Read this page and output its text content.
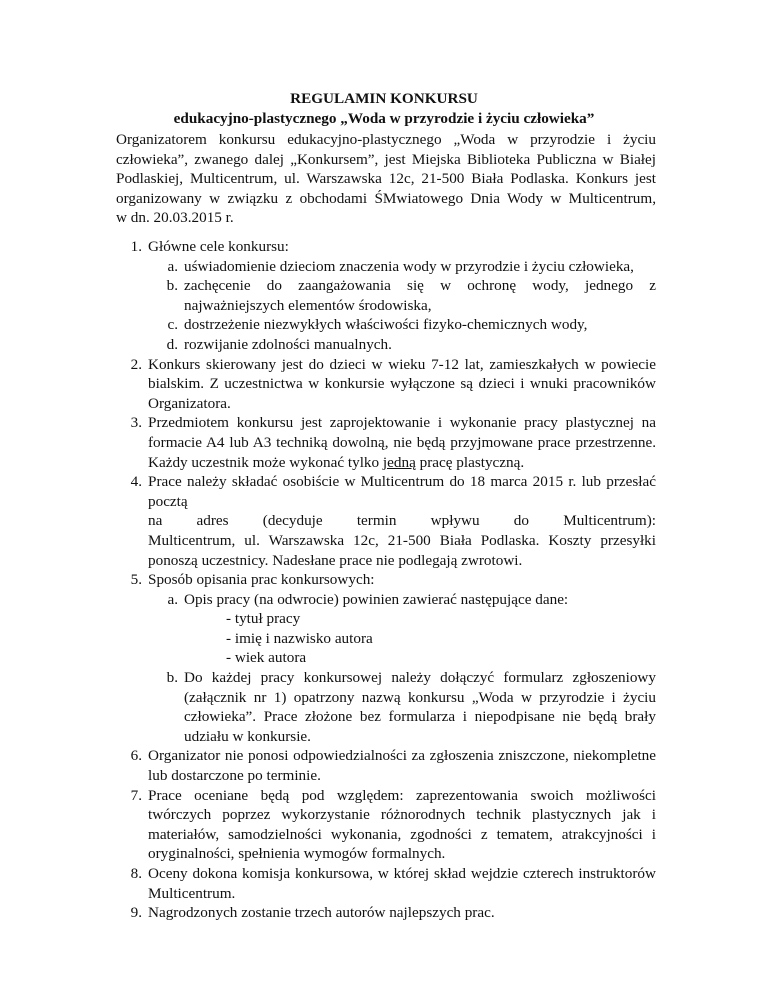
REGULAMIN KONKURSU
edukacyjno-plastycznego „Woda w przyrodzie i życiu człowieka”
Organizatorem konkursu edukacyjno-plastycznego „Woda w przyrodzie i życiu człowieka”, zwanego dalej „Konkursem”, jest Miejska Biblioteka Publiczna w Białej Podlaskiej, Multicentrum, ul. Warszawska 12c, 21-500 Biała Podlaska. Konkurs jest organizowany w związku z obchodami ŚMwiatowego Dnia Wody w Multicentrum,
w dn. 20.03.2015 r.
1. Główne cele konkursu:
a. uświadomienie dzieciom znaczenia wody w przyrodzie i życiu człowieka,
b. zachęcenie do zaangażowania się w ochronę wody, jednego z najważniejszych elementów środowiska,
c. dostrzeżenie niezwykłych właściwości fizyko-chemicznych wody,
d. rozwijanie zdolności manualnych.
2. Konkurs skierowany jest do dzieci w wieku 7-12 lat, zamieszkałych w powiecie bialskim. Z uczestnictwa w konkursie wyłączone są dzieci i wnuki pracowników Organizatora.
3. Przedmiotem konkursu jest zaprojektowanie i wykonanie pracy plastycznej na formacie A4 lub A3 techniką dowolną, nie będą przyjmowane prace przestrzenne. Każdy uczestnik może wykonać tylko jedną pracę plastyczną.
4. Prace należy składać osobiście w Multicentrum do 18 marca 2015 r. lub przesłać pocztą
na adres (decyduje termin wpływu do Multicentrum):
Multicentrum, ul. Warszawska 12c, 21-500 Biała Podlaska. Koszty przesyłki ponoszą uczestnicy. Nadesłane prace nie podlegają zwrotowi.
5. Sposób opisania prac konkursowych:
a. Opis pracy (na odwrocie) powinien zawierać następujące dane:
- tytuł pracy
- imię i nazwisko autora
- wiek autora
b. Do każdej pracy konkursowej należy dołączyć formularz zgłoszeniowy (załącznik nr 1) opatrzony nazwą konkursu „Woda w przyrodzie i życiu człowieka”. Prace złożone bez formularza i niepodpisane nie będą brały udziału w konkursie.
6. Organizator nie ponosi odpowiedzialności za zgłoszenia zniszczone, niekompletne lub dostarczone po terminie.
7. Prace oceniane będą pod względem: zaprezentowania swoich możliwości twórczych poprzez wykorzystanie różnorodnych technik plastycznych jak i materiałów, samodzielności wykonania, zgodności z tematem, atrakcyjności i oryginalności, spełnienia wymogów formalnych.
8. Oceny dokona komisja konkursowa, w której skład wejdzie czterech instruktorów Multicentrum.
9. Nagrodzonych zostanie trzech autorów najlepszych prac.
